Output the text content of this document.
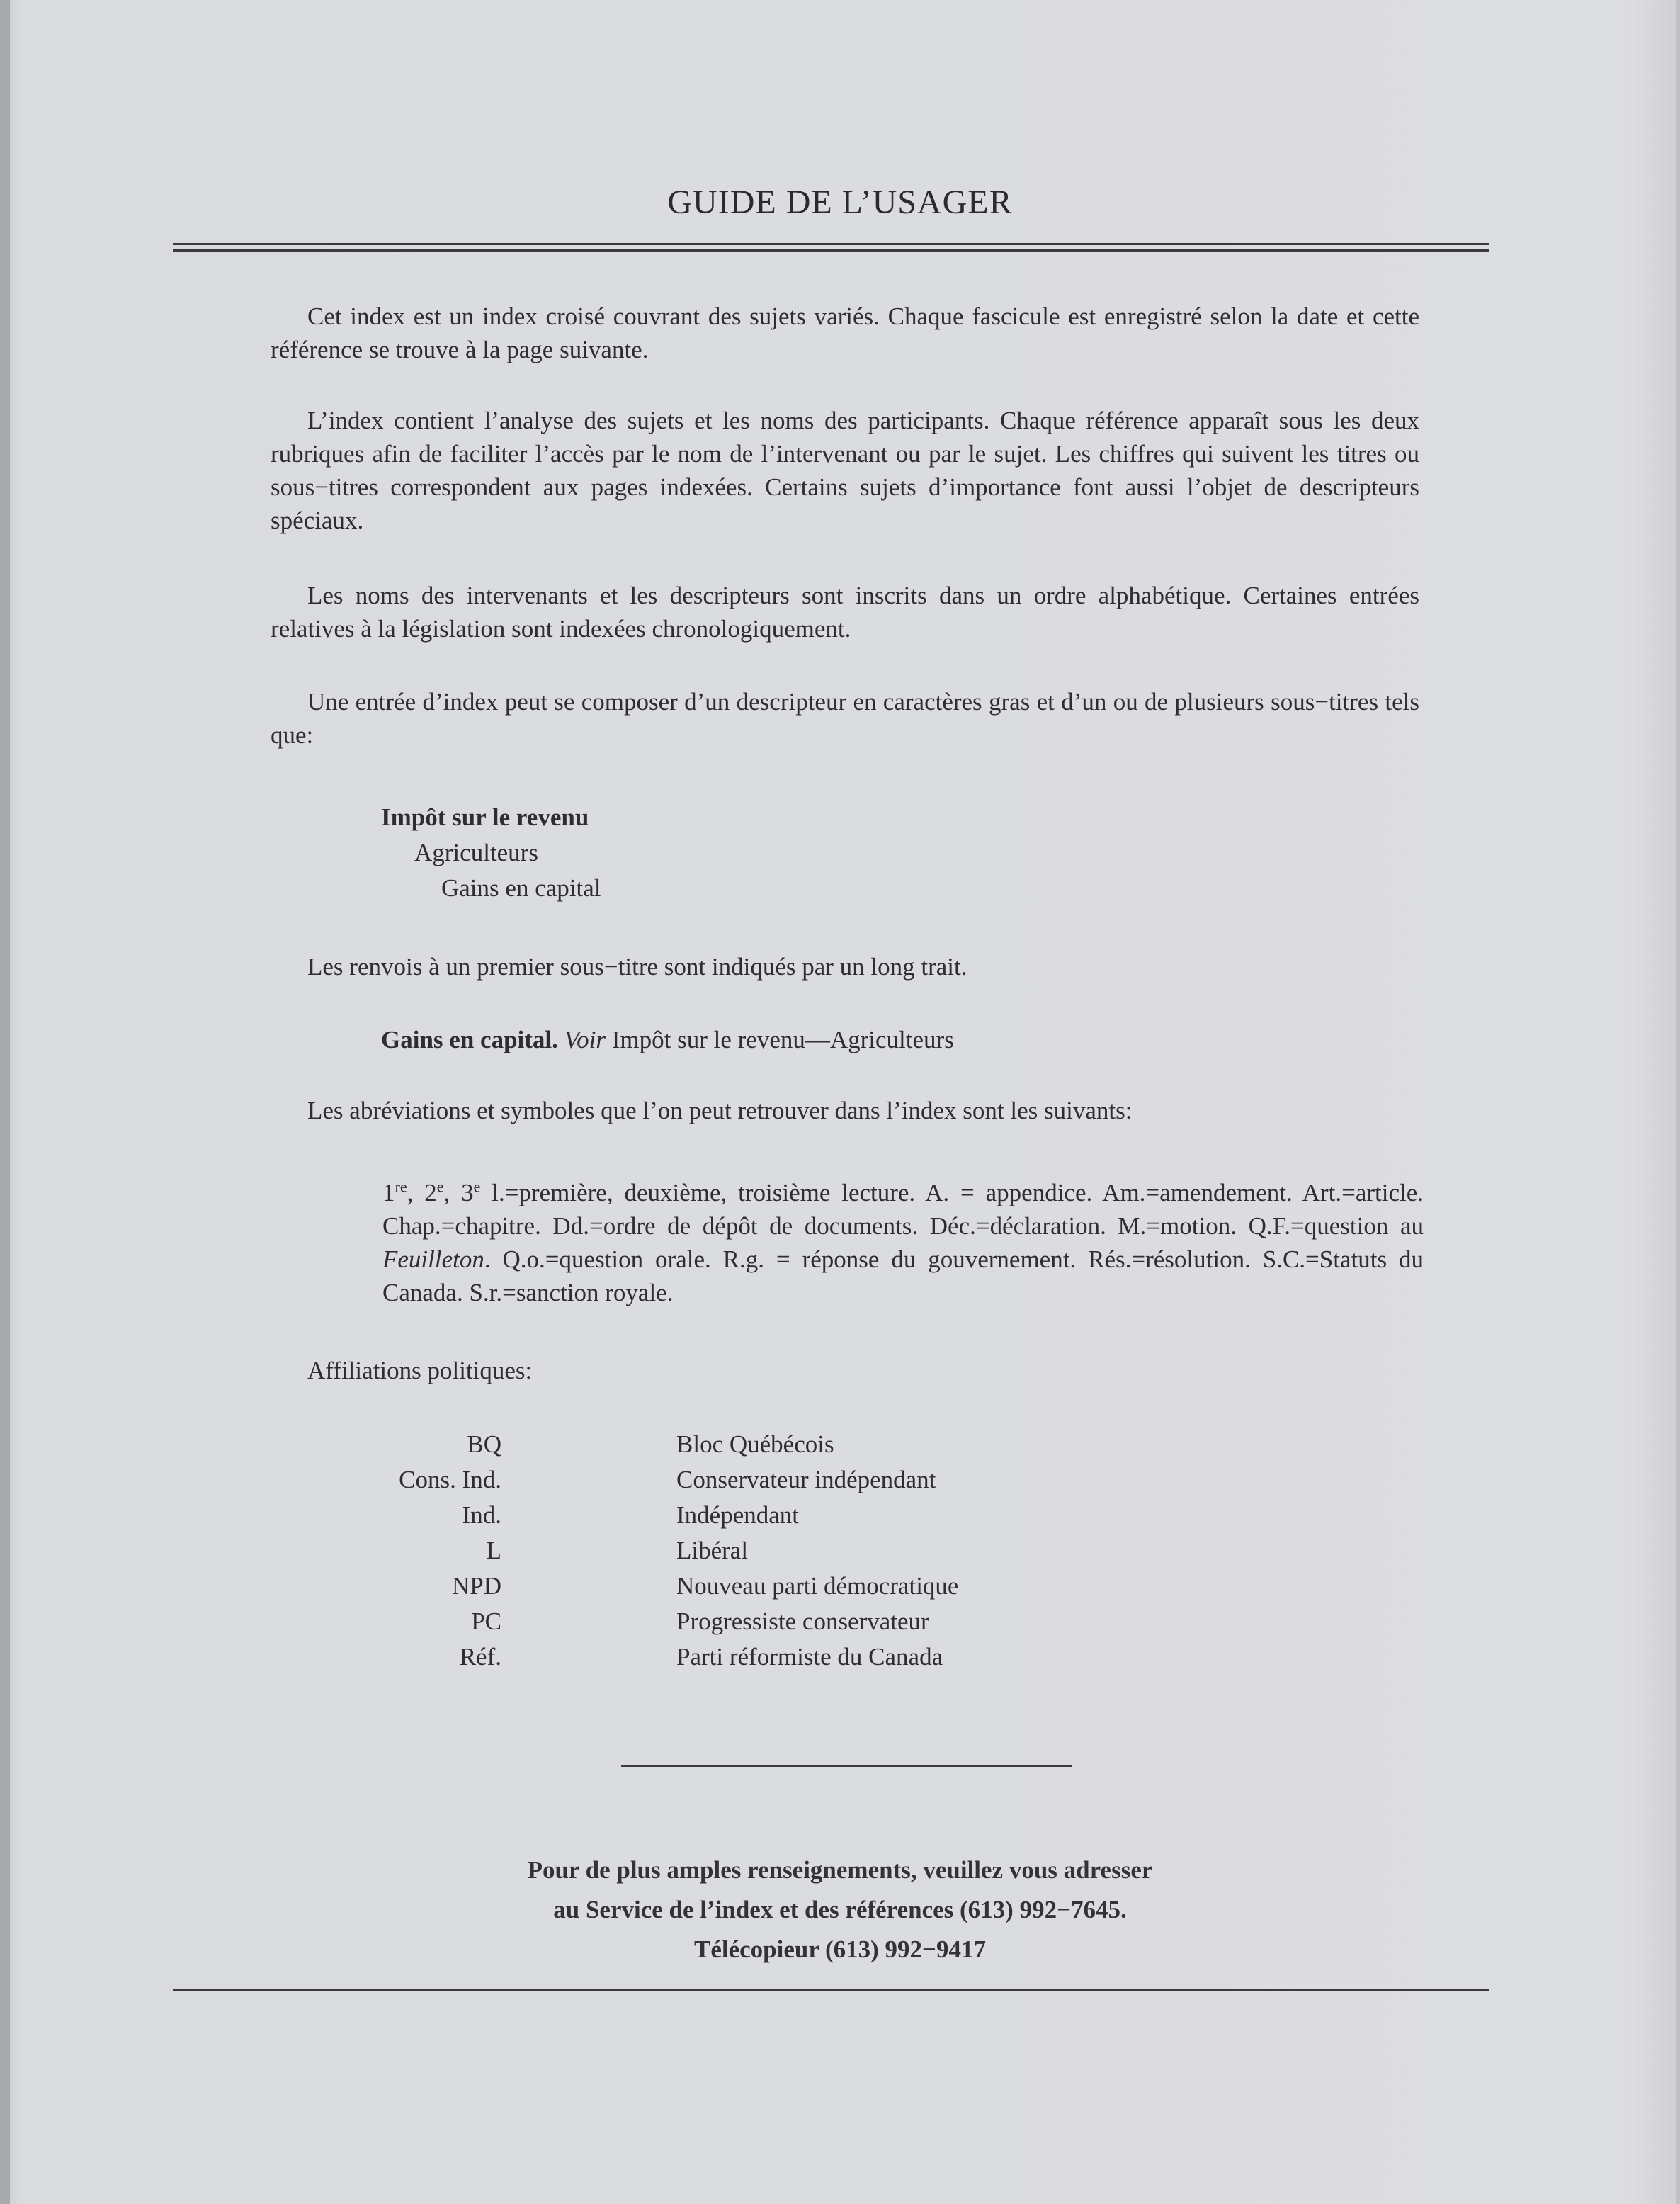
GUIDE DE L’USAGER
Cet index est un index croisé couvrant des sujets variés. Chaque fascicule est enregistré selon la date et cette référence se trouve à la page suivante.
L’index contient l’analyse des sujets et les noms des participants. Chaque référence apparaît sous les deux rubriques afin de faciliter l’accès par le nom de l’intervenant ou par le sujet. Les chiffres qui suivent les titres ou sous−titres correspondent aux pages indexées. Certains sujets d’importance font aussi l’objet de descripteurs spéciaux.
Les noms des intervenants et les descripteurs sont inscrits dans un ordre alphabétique. Certaines entrées relatives à la législation sont indexées chronologiquement.
Une entrée d’index peut se composer d’un descripteur en caractères gras et d’un ou de plusieurs sous−titres tels que:
Impôt sur le revenu
Agriculteurs
Gains en capital
Les renvois à un premier sous−titre sont indiqués par un long trait.
Gains en capital. Voir Impôt sur le revenu—Agriculteurs
Les abréviations et symboles que l’on peut retrouver dans l’index sont les suivants:
1re, 2e, 3e l.=première, deuxième, troisième lecture. A. = appendice. Am.=amendement. Art.=article. Chap.=chapitre. Dd.=ordre de dépôt de documents. Déc.=déclaration. M.=motion. Q.F.=question au Feuilleton. Q.o.=question orale. R.g. = réponse du gouvernement. Rés.=résolution. S.C.=Statuts du Canada. S.r.=sanction royale.
Affiliations politiques:
BQ	Bloc Québécois
Cons. Ind.	Conservateur indépendant
Ind.	Indépendant
L	Libéral
NPD	Nouveau parti démocratique
PC	Progressiste conservateur
Réf.	Parti réformiste du Canada
Pour de plus amples renseignements, veuillez vous adresser
au Service de l’index et des références (613) 992−7645.
Télécopieur (613) 992−9417
